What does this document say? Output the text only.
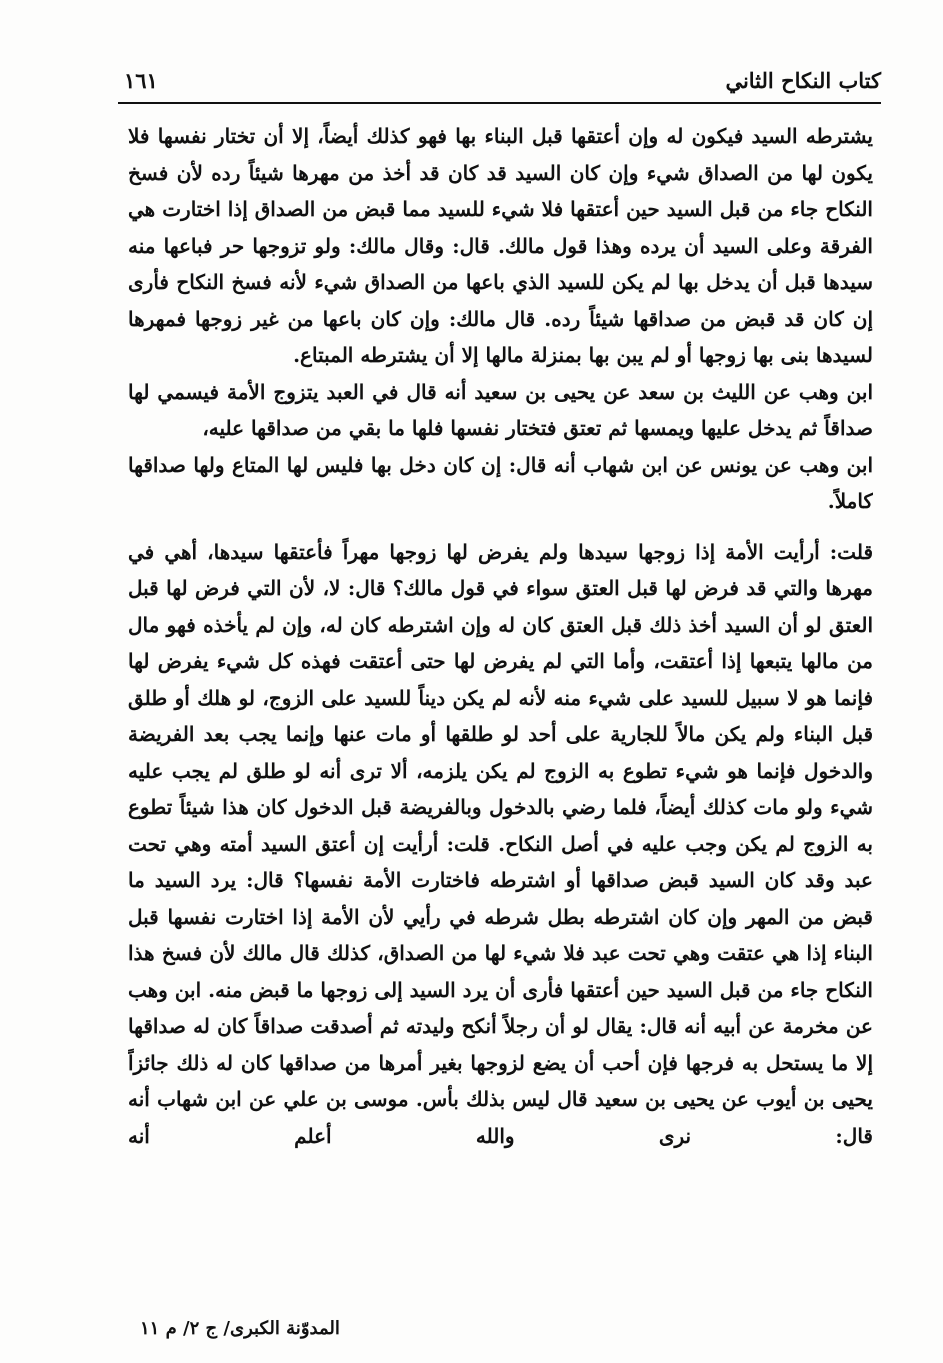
كتاب النكاح الثاني
١٦١

يشترطه السيد فيكون له وإن أعتقها قبل البناء بها فهو كذلك أيضاً، إلا أن تختار نفسها فلا يكون لها من الصداق شيء وإن كان السيد قد كان قد أخذ من مهرها شيئاً رده لأن فسخ النكاح جاء من قبل السيد حين أعتقها فلا شيء للسيد مما قبض من الصداق إذا اختارت هي الفرقة وعلى السيد أن يرده وهذا قول مالك. قال: وقال مالك: ولو تزوجها حر فباعها منه سيدها قبل أن يدخل بها لم يكن للسيد الذي باعها من الصداق شيء لأنه فسخ النكاح فأرى إن كان قد قبض من صداقها شيئاً رده. قال مالك: وإن كان باعها من غير زوجها فمهرها لسيدها بنى بها زوجها أو لم يبن بها بمنزلة مالها إلا أن يشترطه المبتاع.

ابن وهب عن الليث بن سعد عن يحيى بن سعيد أنه قال في العبد يتزوج الأمة فيسمي لها صداقاً ثم يدخل عليها ويمسها ثم تعتق فتختار نفسها فلها ما بقي من صداقها عليه،

ابن وهب عن يونس عن ابن شهاب أنه قال: إن كان دخل بها فليس لها المتاع ولها صداقها كاملاً.

قلت: أرأيت الأمة إذا زوجها سيدها ولم يفرض لها زوجها مهراً فأعتقها سيدها، أهي في مهرها والتي قد فرض لها قبل العتق سواء في قول مالك؟ قال: لا، لأن التي فرض لها قبل العتق لو أن السيد أخذ ذلك قبل العتق كان له وإن اشترطه كان له، وإن لم يأخذه فهو مال من مالها يتبعها إذا أعتقت، وأما التي لم يفرض لها حتى أعتقت فهذه كل شيء يفرض لها فإنما هو لا سبيل للسيد على شيء منه لأنه لم يكن ديناً للسيد على الزوج، لو هلك أو طلق قبل البناء ولم يكن مالاً للجارية على أحد لو طلقها أو مات عنها وإنما يجب بعد الفريضة والدخول فإنما هو شيء تطوع به الزوج لم يكن يلزمه، ألا ترى أنه لو طلق لم يجب عليه شيء ولو مات كذلك أيضاً، فلما رضي بالدخول وبالفريضة قبل الدخول كان هذا شيئاً تطوع به الزوج لم يكن وجب عليه في أصل النكاح. قلت: أرأيت إن أعتق السيد أمته وهي تحت عبد وقد كان السيد قبض صداقها أو اشترطه فاختارت الأمة نفسها؟ قال: يرد السيد ما قبض من المهر وإن كان اشترطه بطل شرطه في رأيي لأن الأمة إذا اختارت نفسها قبل البناء إذا هي عتقت وهي تحت عبد فلا شيء لها من الصداق، كذلك قال مالك لأن فسخ هذا النكاح جاء من قبل السيد حين أعتقها فأرى أن يرد السيد إلى زوجها ما قبض منه. ابن وهب عن مخرمة عن أبيه أنه قال: يقال لو أن رجلاً أنكح وليدته ثم أصدقت صداقاً كان له صداقها إلا ما يستحل به فرجها فإن أحب أن يضع لزوجها بغير أمرها من صداقها كان له ذلك جائزاً يحيى بن أيوب عن يحيى بن سعيد قال ليس بذلك بأس. موسى بن علي عن ابن شهاب أنه قال: نرى والله أعلم أنه

المدوّنة الكبرى/ ج ٢/ م ١١
